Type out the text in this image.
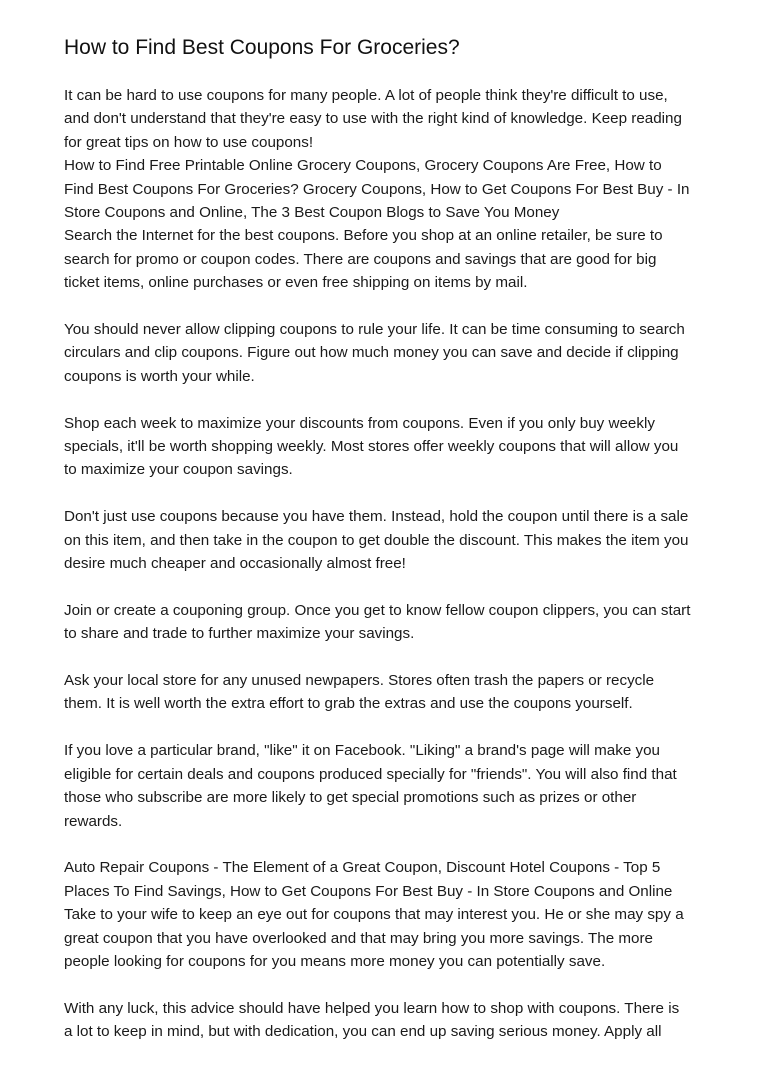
How to Find Best Coupons For Groceries?

It can be hard to use coupons for many people. A lot of people think they're difficult to use,
and don't understand that they're easy to use with the right kind of knowledge. Keep reading
for great tips on how to use coupons!
How to Find Free Printable Online Grocery Coupons, Grocery Coupons Are Free, How to
Find Best Coupons For Groceries? Grocery Coupons, How to Get Coupons For Best Buy - In
Store Coupons and Online, The 3 Best Coupon Blogs to Save You Money
Search the Internet for the best coupons. Before you shop at an online retailer, be sure to
search for promo or coupon codes. There are coupons and savings that are good for big
ticket items, online purchases or even free shipping on items by mail.

You should never allow clipping coupons to rule your life. It can be time consuming to search
circulars and clip coupons. Figure out how much money you can save and decide if clipping
coupons is worth your while.

Shop each week to maximize your discounts from coupons. Even if you only buy weekly
specials, it'll be worth shopping weekly. Most stores offer weekly coupons that will allow you
to maximize your coupon savings.

Don't just use coupons because you have them. Instead, hold the coupon until there is a sale
on this item, and then take in the coupon to get double the discount. This makes the item you
desire much cheaper and occasionally almost free!

Join or create a couponing group. Once you get to know fellow coupon clippers, you can start
to share and trade to further maximize your savings.

Ask your local store for any unused newpapers. Stores often trash the papers or recycle
them. It is well worth the extra effort to grab the extras and use the coupons yourself.

If you love a particular brand, "like" it on Facebook. "Liking" a brand's page will make you
eligible for certain deals and coupons produced specially for "friends". You will also find that
those who subscribe are more likely to get special promotions such as prizes or other
rewards.

Auto Repair Coupons - The Element of a Great Coupon, Discount Hotel Coupons - Top 5
Places To Find Savings, How to Get Coupons For Best Buy - In Store Coupons and Online
Take to your wife to keep an eye out for coupons that may interest you. He or she may spy a
great coupon that you have overlooked and that may bring you more savings. The more
people looking for coupons for you means more money you can potentially save.

With any luck, this advice should have helped you learn how to shop with coupons. There is
a lot to keep in mind, but with dedication, you can end up saving serious money. Apply all
